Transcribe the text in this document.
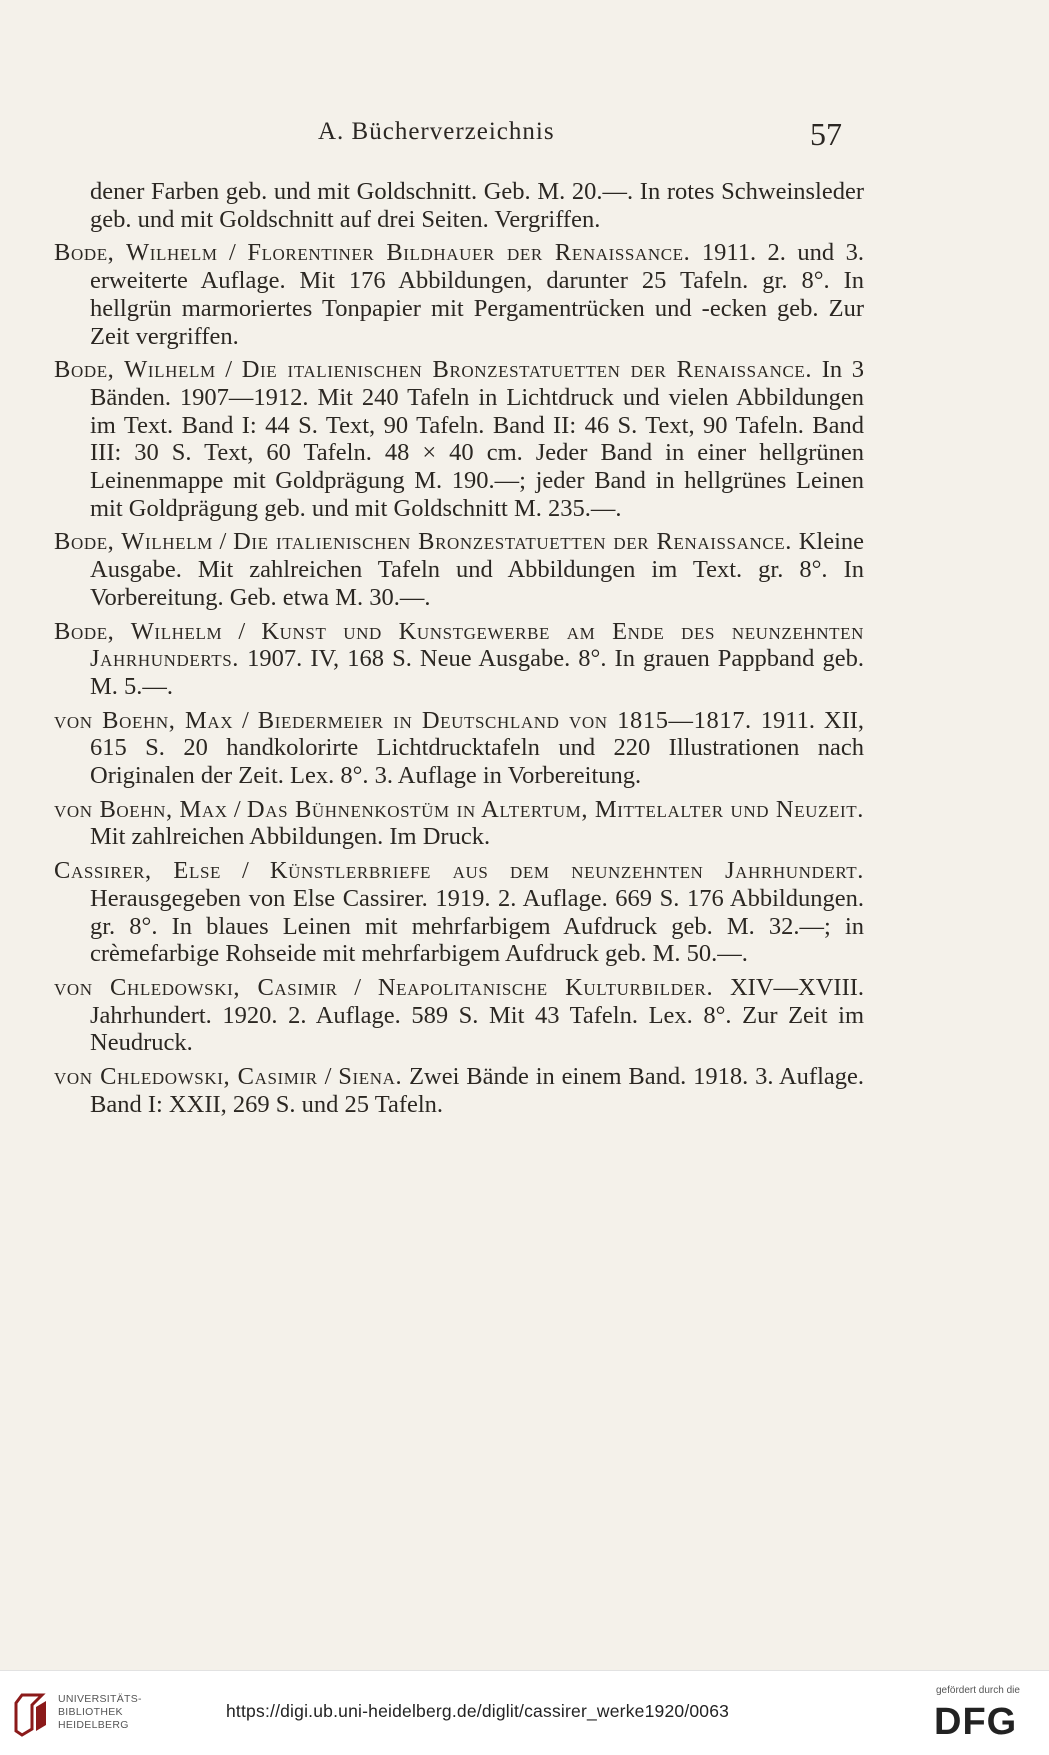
A. Bücherverzeichnis	57

dener Farben geb. und mit Goldschnitt. Geb. M. 20.—. In rotes Schweinsleder geb. und mit Goldschnitt auf drei Seiten. Vergriffen.

Bode, Wilhelm / Florentiner Bildhauer der Renaissance. 1911. 2. und 3. erweiterte Auflage. Mit 176 Abbildungen, darunter 25 Tafeln. gr. 8°. In hellgrün marmoriertes Tonpapier mit Pergamentrücken und -ecken geb. Zur Zeit vergriffen.

Bode, Wilhelm / Die italienischen Bronzestatuetten der Renaissance. In 3 Bänden. 1907—1912. Mit 240 Tafeln in Lichtdruck und vielen Abbildungen im Text. Band I: 44 S. Text, 90 Tafeln. Band II: 46 S. Text, 90 Tafeln. Band III: 30 S. Text, 60 Tafeln. 48 × 40 cm. Jeder Band in einer hellgrünen Leinenmappe mit Goldprägung M. 190.—; jeder Band in hellgrünes Leinen mit Goldprägung geb. und mit Goldschnitt M. 235.—.

Bode, Wilhelm / Die italienischen Bronzestatuetten der Renaissance. Kleine Ausgabe. Mit zahlreichen Tafeln und Abbildungen im Text. gr. 8°. In Vorbereitung. Geb. etwa M. 30.—.

Bode, Wilhelm / Kunst und Kunstgewerbe am Ende des neunzehnten Jahrhunderts. 1907. IV, 168 S. Neue Ausgabe. 8°. In grauen Pappband geb. M. 5.—.

von Boehn, Max / Biedermeier in Deutschland von 1815—1817. 1911. XII, 615 S. 20 handkolorirte Lichtdrucktafeln und 220 Illustrationen nach Originalen der Zeit. Lex. 8°. 3. Auflage in Vorbereitung.

von Boehn, Max / Das Bühnenkostüm in Altertum, Mittelalter und Neuzeit. Mit zahlreichen Abbildungen. Im Druck.

Cassirer, Else / Künstlerbriefe aus dem neunzehnten Jahrhundert. Herausgegeben von Else Cassirer. 1919. 2. Auflage. 669 S. 176 Abbildungen. gr. 8°. In blaues Leinen mit mehrfarbigem Aufdruck geb. M. 32.—; in crèmefarbige Rohseide mit mehrfarbigem Aufdruck geb. M. 50.—.

von Chledowski, Casimir / Neapolitanische Kulturbilder. XIV—XVIII. Jahrhundert. 1920. 2. Auflage. 589 S. Mit 43 Tafeln. Lex. 8°. Zur Zeit im Neudruck.

von Chledowski, Casimir / Siena. Zwei Bände in einem Band. 1918. 3. Auflage. Band I: XXII, 269 S. und 25 Tafeln.

UNIVERSITÄTS-
BIBLIOTHEK
HEIDELBERG
https://digi.ub.uni-heidelberg.de/diglit/cassirer_werke1920/0063
gefördert durch die
DFG
